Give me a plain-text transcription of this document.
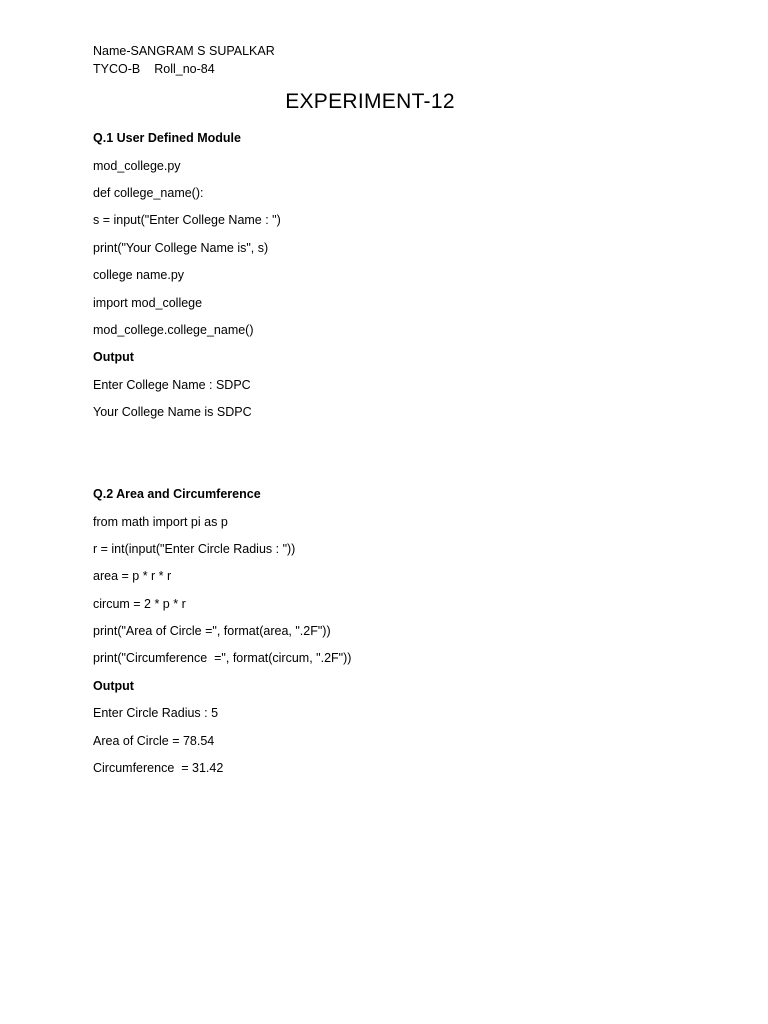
Name-SANGRAM S SUPALKAR
TYCO-B Roll_no-84
EXPERIMENT-12
Q.1 User Defined Module
mod_college.py
def college_name():
s = input("Enter College Name : ")
print("Your College Name is", s)
college name.py
import mod_college
mod_college.college_name()
Output
Enter College Name : SDPC
Your College Name is SDPC
Q.2 Area and Circumference
from math import pi as p
r = int(input("Enter Circle Radius : "))
area = p * r * r
circum = 2 * p * r
print("Area of Circle =", format(area, ".2F"))
print("Circumference  =", format(circum, ".2F"))
Output
Enter Circle Radius : 5
Area of Circle = 78.54
Circumference  = 31.42
